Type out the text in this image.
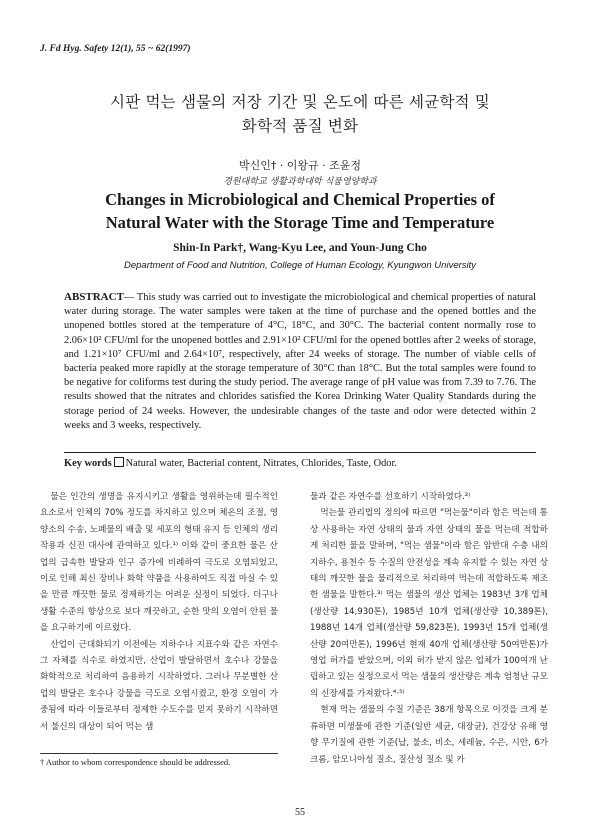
J. Fd Hyg. Safety 12(1), 55 ~ 62(1997)
시판 먹는 샘물의 저장 기간 및 온도에 따른 세균학적 및
화학적 품질 변화
박신인† · 이왕규 · 조윤정
경원대학교 생활과학대학 식품영양학과
Changes in Microbiological and Chemical Properties of
Natural Water with the Storage Time and Temperature
Shin-In Park†, Wang-Kyu Lee, and Youn-Jung Cho
Department of Food and Nutrition, College of Human Ecology, Kyungwon University
ABSTRACT— This study was carried out to investigate the microbiological and chemical properties of natural water during storage. The water samples were taken at the time of purchase and the opened bottles and the unopened bottles stored at the temperature of 4°C, 18°C, and 30°C. The bacterial content normally rose to 2.06×10² CFU/ml for the unopened bottles and 2.91×10² CFU/ml for the opened bottles after 2 weeks of storage, and 1.21×10⁷ CFU/ml and 2.64×10⁷, respectively, after 24 weeks of storage. The number of viable cells of bacteria peaked more rapidly at the storage temperature of 30°C than 18°C. But the total samples were found to be negative for coliforms test during the study period. The average range of pH value was from 7.39 to 7.76. The results showed that the nitrates and chlorides satisfied the Korea Drinking Water Quality Standards during the storage period of 24 weeks. However, the undesirable changes of the taste and odor were detected within 2 weeks and 3 weeks, respectively.
Key words Natural water, Bacterial content, Nitrates, Chlorides, Taste, Odor.

물은 인간의 생명을 유지시키고 생활을 영위하는데 필수적인 요소로서 인체의 70% 정도를 차지하고 있으며 체온의 조절, 영양소의 수송, 노폐물의 배출 및 세포의 형태 유지 등 인체의 생리 작용과 신진 대사에 관여하고 있다.¹⁾ 이와 같이 중요한 물은 산업의 급속한 발달과 인구 증가에 비례하여 극도로 오염되었고, 이로 인해 최신 장비나 화학 약품을 사용하여도 직접 마실 수 있을 만큼 깨끗한 물로 정제하기는 어려운 실정이 되었다. 더구나 생활 수준의 향상으로 보다 깨끗하고, 순한 맛의 오염이 안된 물을 요구하기에 이르렀다.

산업이 근대화되기 이전에는 지하수나 지표수와 같은 자연수 그 자체를 식수로 하였지만, 산업이 발달하면서 호수나 강물을 화학적으로 처리하여 음용하기 시작하였다. 그러나 무분별한 산업의 발달은 호수나 강물을 극도로 오염시켰고, 환경 오염이 가중됨에 따라 이들로부터 정제한 수도수를 믿지 못하기 시작하면서 불신의 대상이 되어 먹는 샘

물과 같은 자연수를 선호하기 시작하였다.²⁾

먹는물 관리법의 정의에 따르면 "먹는물"이라 함은 먹는데 통상 사용하는 자연 상태의 물과 자연 상태의 물을 먹는데 적합하게 처리한 물을 말하며, "먹는 샘물"이라 함은 암반대 수층 내의 지하수, 용천수 등 수질의 안전성을 계속 유지할 수 있는 자연 상태의 깨끗한 물을 물리적으로 처리하여 먹는데 적합하도록 제조한 샘물을 말한다.³⁾ 먹는 샘물의 생산 업체는 1983년 3개 업체(생산량 14,930톤), 1985년 10개 업체(생산량 10,389톤), 1988년 14개 업체(생산량 59,823톤), 1993년 15개 업체(생산량 20여만톤), 1996년 현재 40개 업체(생산량 50여만톤)가 영업 허가를 받았으며, 이외 허가 받지 않은 업체가 100여개 난립하고 있는 실정으로서 먹는 샘물의 생산량은 계속 엄청난 규모의 신장세를 가져왔다.⁴·⁵⁾

현재 먹는 샘물의 수질 기준은 38개 항목으로 이것을 크게 분류하면 미생물에 관한 기준(일반 세균, 대장균), 건강상 유해 영향 무기질에 관한 기준(납, 불소, 비소, 세레늄, 수은, 시안, 6가 크롬, 암모니아성 질소, 질산성 질소 및 카

† Author to whom correspondence should be addressed.
55
